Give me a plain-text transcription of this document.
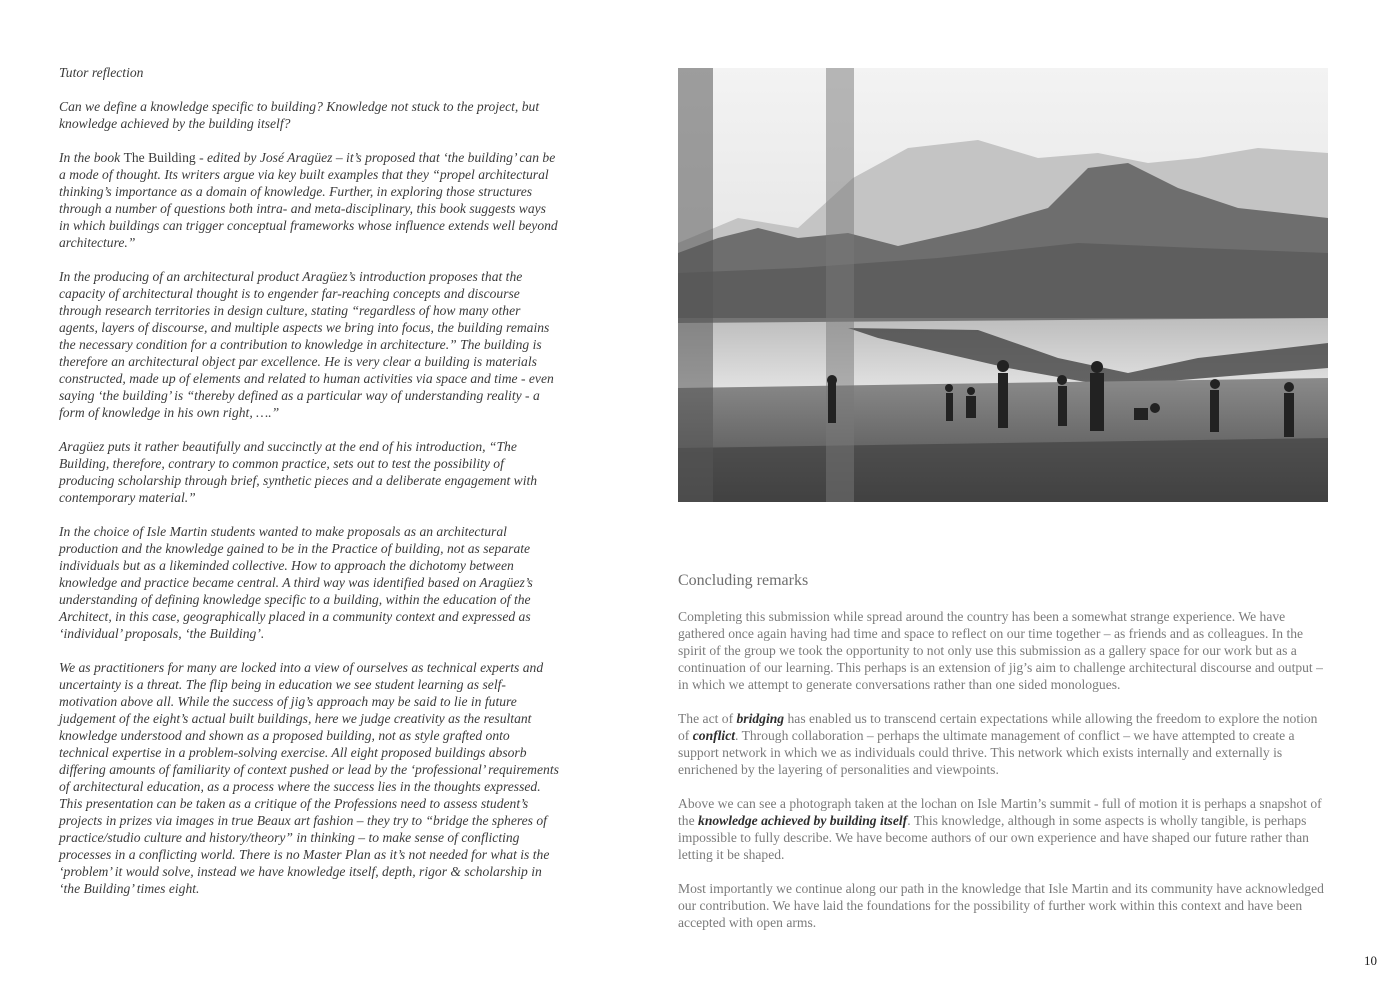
Tutor reflection

Can we define a knowledge specific to building? Knowledge not stuck to the project, but knowledge achieved by the building itself?

In the book The Building - edited by José Aragüez – it’s proposed that ‘the building’ can be a mode of thought. Its writers argue via key built examples that they “propel architectural thinking’s importance as a domain of knowledge. Further, in exploring those structures through a number of questions both intra- and meta-disciplinary, this book suggests ways in which buildings can trigger conceptual frameworks whose influence extends well beyond architecture.”

In the producing of an architectural product Aragüez’s introduction proposes that the capacity of architectural thought is to engender far-reaching concepts and discourse through research territories in design culture, stating “regardless of how many other agents, layers of discourse, and multiple aspects we bring into focus, the building remains the necessary condition for a contribution to knowledge in architecture.” The building is therefore an architectural object par excellence. He is very clear a building is materials constructed, made up of elements and related to human activities via space and time - even saying ‘the building’ is “thereby defined as a particular way of understanding reality - a form of knowledge in his own right, ….”

Aragüez puts it rather beautifully and succinctly at the end of his introduction, “The Building, therefore, contrary to common practice, sets out to test the possibility of producing scholarship through brief, synthetic pieces and a deliberate engagement with contemporary material.”

In the choice of Isle Martin students wanted to make proposals as an architectural production and the knowledge gained to be in the Practice of building, not as separate individuals but as a likeminded collective. How to approach the dichotomy between knowledge and practice became central. A third way was identified based on Aragüez’s understanding of defining knowledge specific to a building, within the education of the Architect, in this case, geographically placed in a community context and expressed as ‘individual’ proposals, ‘the Building’.

We as practitioners for many are locked into a view of ourselves as technical experts and uncertainty is a threat. The flip being in education we see student learning as self-motivation above all. While the success of jig’s approach may be said to lie in future judgement of the eight’s actual built buildings, here we judge creativity as the resultant knowledge understood and shown as a proposed building, not as style grafted onto technical expertise in a problem-solving exercise. All eight proposed buildings absorb differing amounts of familiarity of context pushed or lead by the ‘professional’ requirements of architectural education, as a process where the success lies in the thoughts expressed. This presentation can be taken as a critique of the Professions need to assess student’s projects in prizes via images in true Beaux art fashion – they try to “bridge the spheres of practice/studio culture and history/theory” in thinking – to make sense of conflicting processes in a conflicting world. There is no Master Plan as it’s not needed for what is the ‘problem’ it would solve, instead we have knowledge itself, depth, rigor & scholarship in ‘the Building’ times eight.

Concluding remarks

Completing this submission while spread around the country has been a somewhat strange experience. We have gathered once again having had time and space to reflect on our time together – as friends and as colleagues. In the spirit of the group we took the opportunity to not only use this submission as a gallery space for our work but as a continuation of our learning. This perhaps is an extension of jig’s aim to challenge architectural discourse and output – in which we attempt to generate conversations rather than one sided monologues.

The act of bridging has enabled us to transcend certain expectations while allowing the freedom to explore the notion of conflict. Through collaboration – perhaps the ultimate management of conflict – we have attempted to create a support network in which we as individuals could thrive. This network which exists internally and externally is enrichened by the layering of personalities and viewpoints.

Above we can see a photograph taken at the lochan on Isle Martin’s summit - full of motion it is perhaps a snapshot of the knowledge achieved by building itself. This knowledge, although in some aspects is wholly tangible, is perhaps impossible to fully describe. We have become authors of our own experience and have shaped our future rather than letting it be shaped.

Most importantly we continue along our path in the knowledge that Isle Martin and its community have acknowledged our contribution. We have laid the foundations for the possibility of further work within this context and have been accepted with open arms.

10
